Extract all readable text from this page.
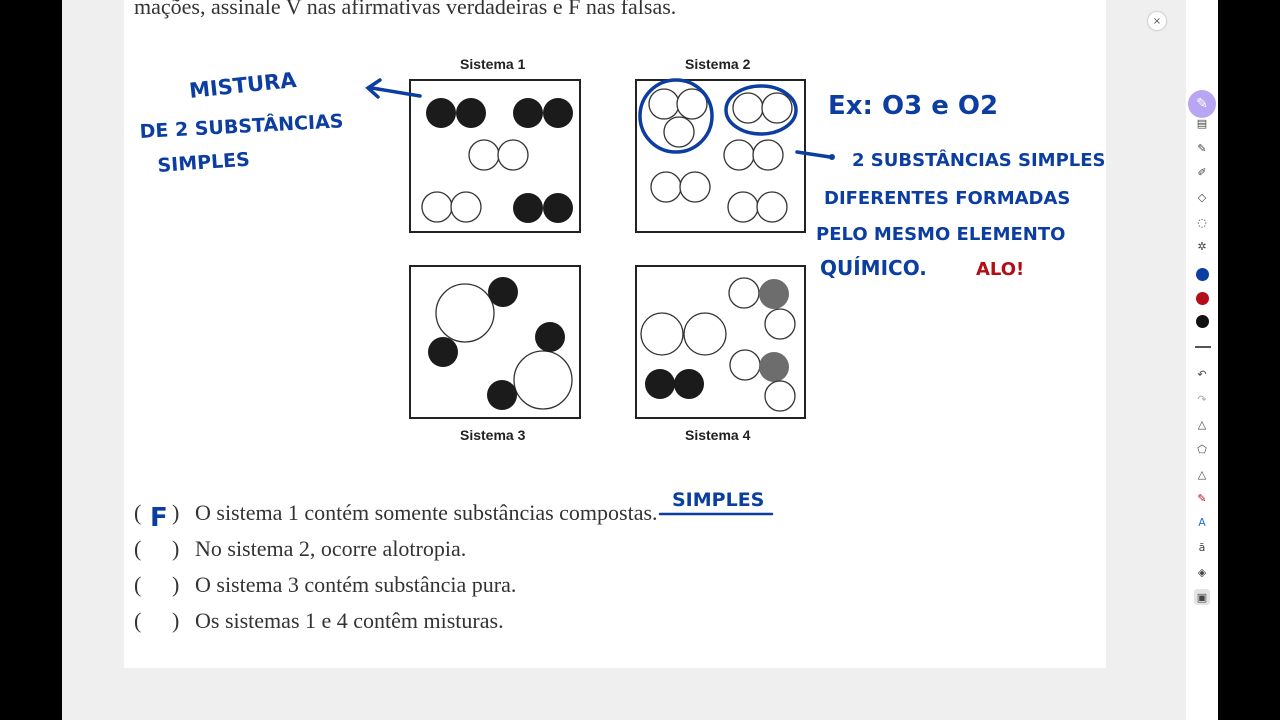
mações, assinale V nas afirmativas verdadeiras e F nas falsas.
MISTURA
DE 2 SUBSTÂNCIAS
SIMPLES
Ex: O3 e O2
2 SUBSTÂNCIAS SIMPLES
DIFERENTES FORMADAS
PELO MESMO ELEMENTO
QUÍMICO.
SIMPLES
F
ALO!
Sistema 1	Sistema 2
Sistema 3	Sistema 4
( ) O sistema 1 contém somente substâncias compostas.
( ) No sistema 2, ocorre alotropia.
( ) O sistema 3 contém substância pura.
( ) Os sistemas 1 e 4 contêm misturas.
×
✎
▤
✎
✐
◇
◌
✲
↶
↷
△
⬠
△
✎
A
ā
◈
▣
